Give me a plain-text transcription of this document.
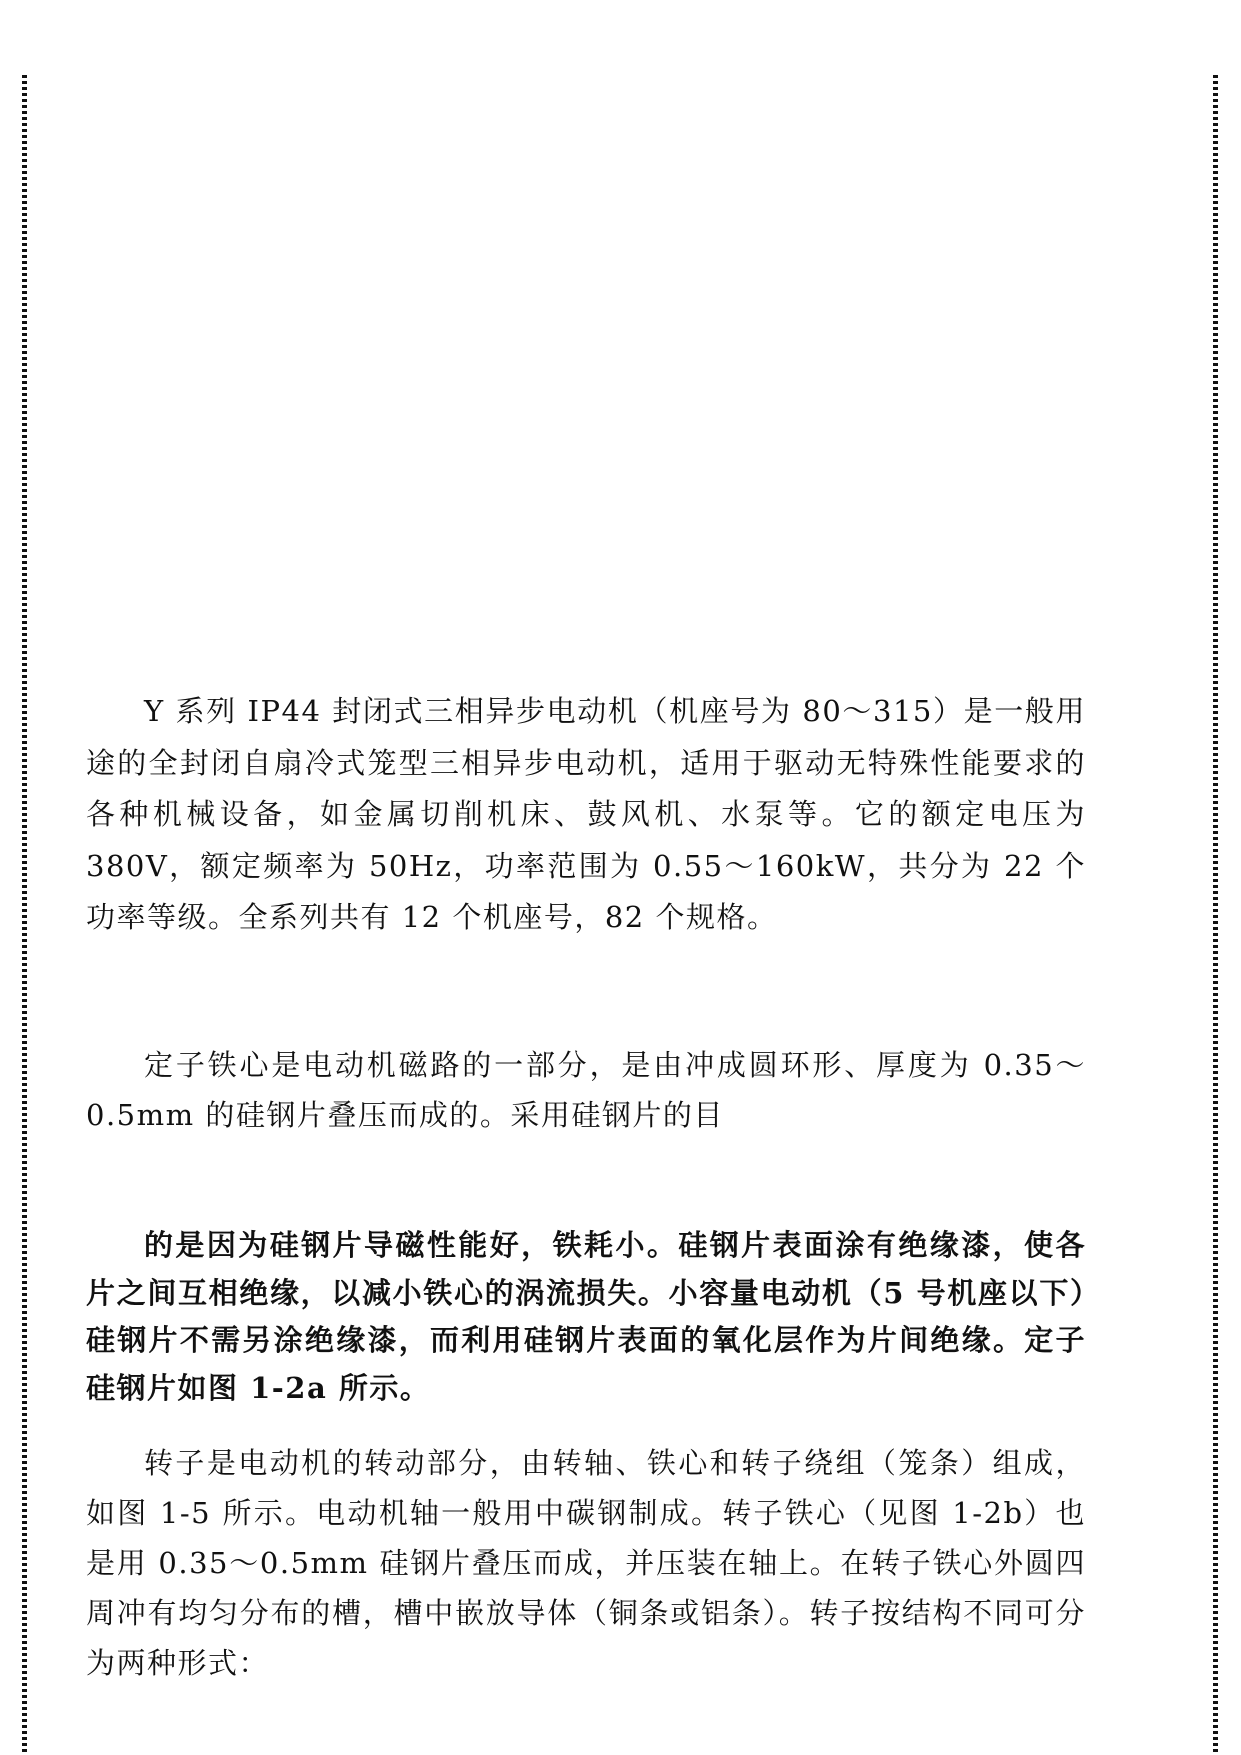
Y 系列 IP44 封闭式三相异步电动机（机座号为 80～315）是一般用途的全封闭自扇冷式笼型三相异步电动机，适用于驱动无特殊性能要求的各种机械设备，如金属切削机床、鼓风机、水泵等。它的额定电压为 380V，额定频率为 50Hz，功率范围为 0.55～160kW，共分为 22 个功率等级。全系列共有 12 个机座号，82 个规格。

定子铁心是电动机磁路的一部分，是由冲成圆环形、厚度为 0.35～0.5mm 的硅钢片叠压而成的。采用硅钢片的目

的是因为硅钢片导磁性能好，铁耗小。硅钢片表面涂有绝缘漆，使各片之间互相绝缘，以减小铁心的涡流损失。小容量电动机（5 号机座以下）硅钢片不需另涂绝缘漆，而利用硅钢片表面的氧化层作为片间绝缘。定子硅钢片如图 1-2a 所示。

转子是电动机的转动部分，由转轴、铁心和转子绕组（笼条）组成，如图 1-5 所示。电动机轴一般用中碳钢制成。转子铁心（见图 1-2b）也是用 0.35～0.5mm 硅钢片叠压而成，并压装在轴上。在转子铁心外圆四周冲有均匀分布的槽，槽中嵌放导体（铜条或铝条）。转子按结构不同可分为两种形式：
